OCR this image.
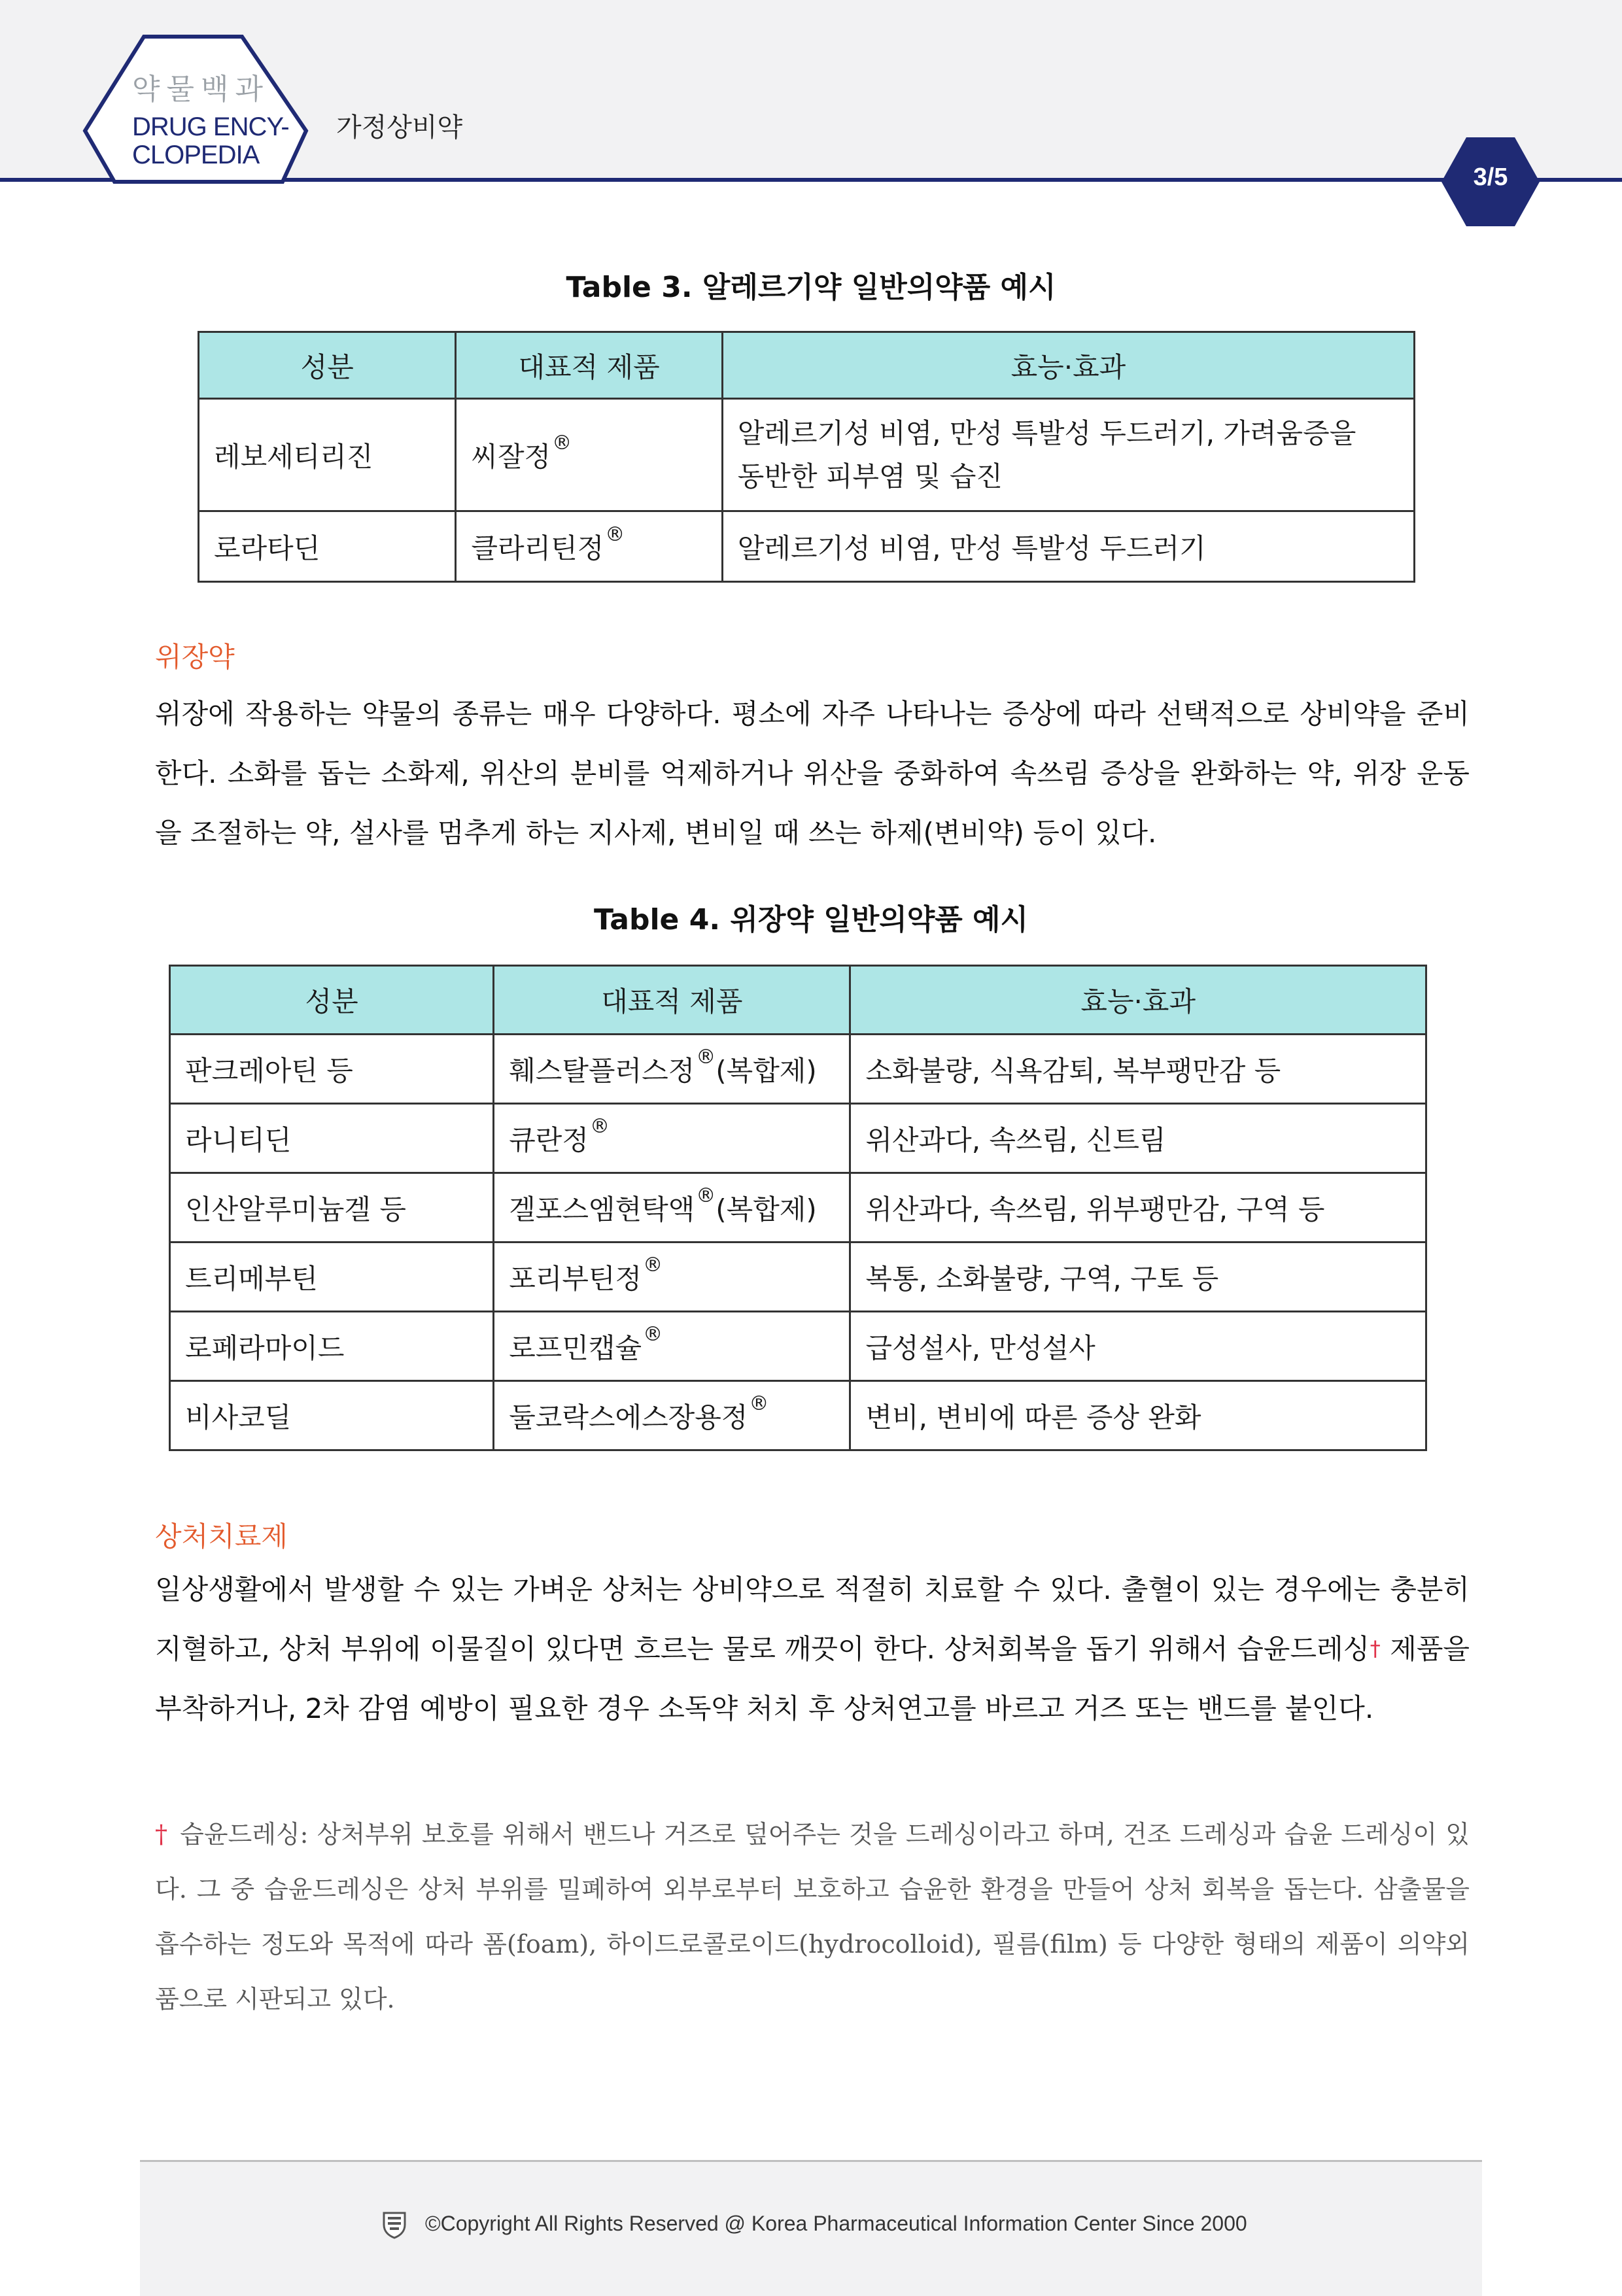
약물백과
DRUG ENCY-
CLOPEDIA
가정상비약
3/5
Table 3. 알레르기약 일반의약품 예시
성분	대표적 제품	효능·효과
레보세티리진	씨잘정®	알레르기성 비염, 만성 특발성 두드러기, 가려움증을
동반한 피부염 및 습진
로라타딘	클라리틴정®	알레르기성 비염, 만성 특발성 두드러기
위장약
위장에 작용하는 약물의 종류는 매우 다양하다. 평소에 자주 나타나는 증상에 따라 선택적으로 상비약을 준비한다. 소화를 돕는 소화제, 위산의 분비를 억제하거나 위산을 중화하여 속쓰림 증상을 완화하는 약, 위장 운동을 조절하는 약, 설사를 멈추게 하는 지사제, 변비일 때 쓰는 하제(변비약) 등이 있다.
Table 4. 위장약 일반의약품 예시
성분	대표적 제품	효능·효과
판크레아틴 등	훼스탈플러스정®(복합제)	소화불량, 식욕감퇴, 복부팽만감 등
라니티딘	큐란정®	위산과다, 속쓰림, 신트림
인산알루미늄겔 등	겔포스엠현탁액®(복합제)	위산과다, 속쓰림, 위부팽만감, 구역 등
트리메부틴	포리부틴정®	복통, 소화불량, 구역, 구토 등
로페라마이드	로프민캡슐®	급성설사, 만성설사
비사코딜	둘코락스에스장용정®	변비, 변비에 따른 증상 완화
상처치료제
일상생활에서 발생할 수 있는 가벼운 상처는 상비약으로 적절히 치료할 수 있다. 출혈이 있는 경우에는 충분히 지혈하고, 상처 부위에 이물질이 있다면 흐르는 물로 깨끗이 한다. 상처회복을 돕기 위해서 습윤드레싱† 제품을 부착하거나, 2차 감염 예방이 필요한 경우 소독약 처치 후 상처연고를 바르고 거즈 또는 밴드를 붙인다.
† 습윤드레싱: 상처부위 보호를 위해서 밴드나 거즈로 덮어주는 것을 드레싱이라고 하며, 건조 드레싱과 습윤 드레싱이 있다. 그 중 습윤드레싱은 상처 부위를 밀폐하여 외부로부터 보호하고 습윤한 환경을 만들어 상처 회복을 돕는다. 삼출물을 흡수하는 정도와 목적에 따라 폼(foam), 하이드로콜로이드(hydrocolloid), 필름(film) 등 다양한 형태의 제품이 의약외품으로 시판되고 있다.
©Copyright All Rights Reserved @ Korea Pharmaceutical Information Center Since 2000
